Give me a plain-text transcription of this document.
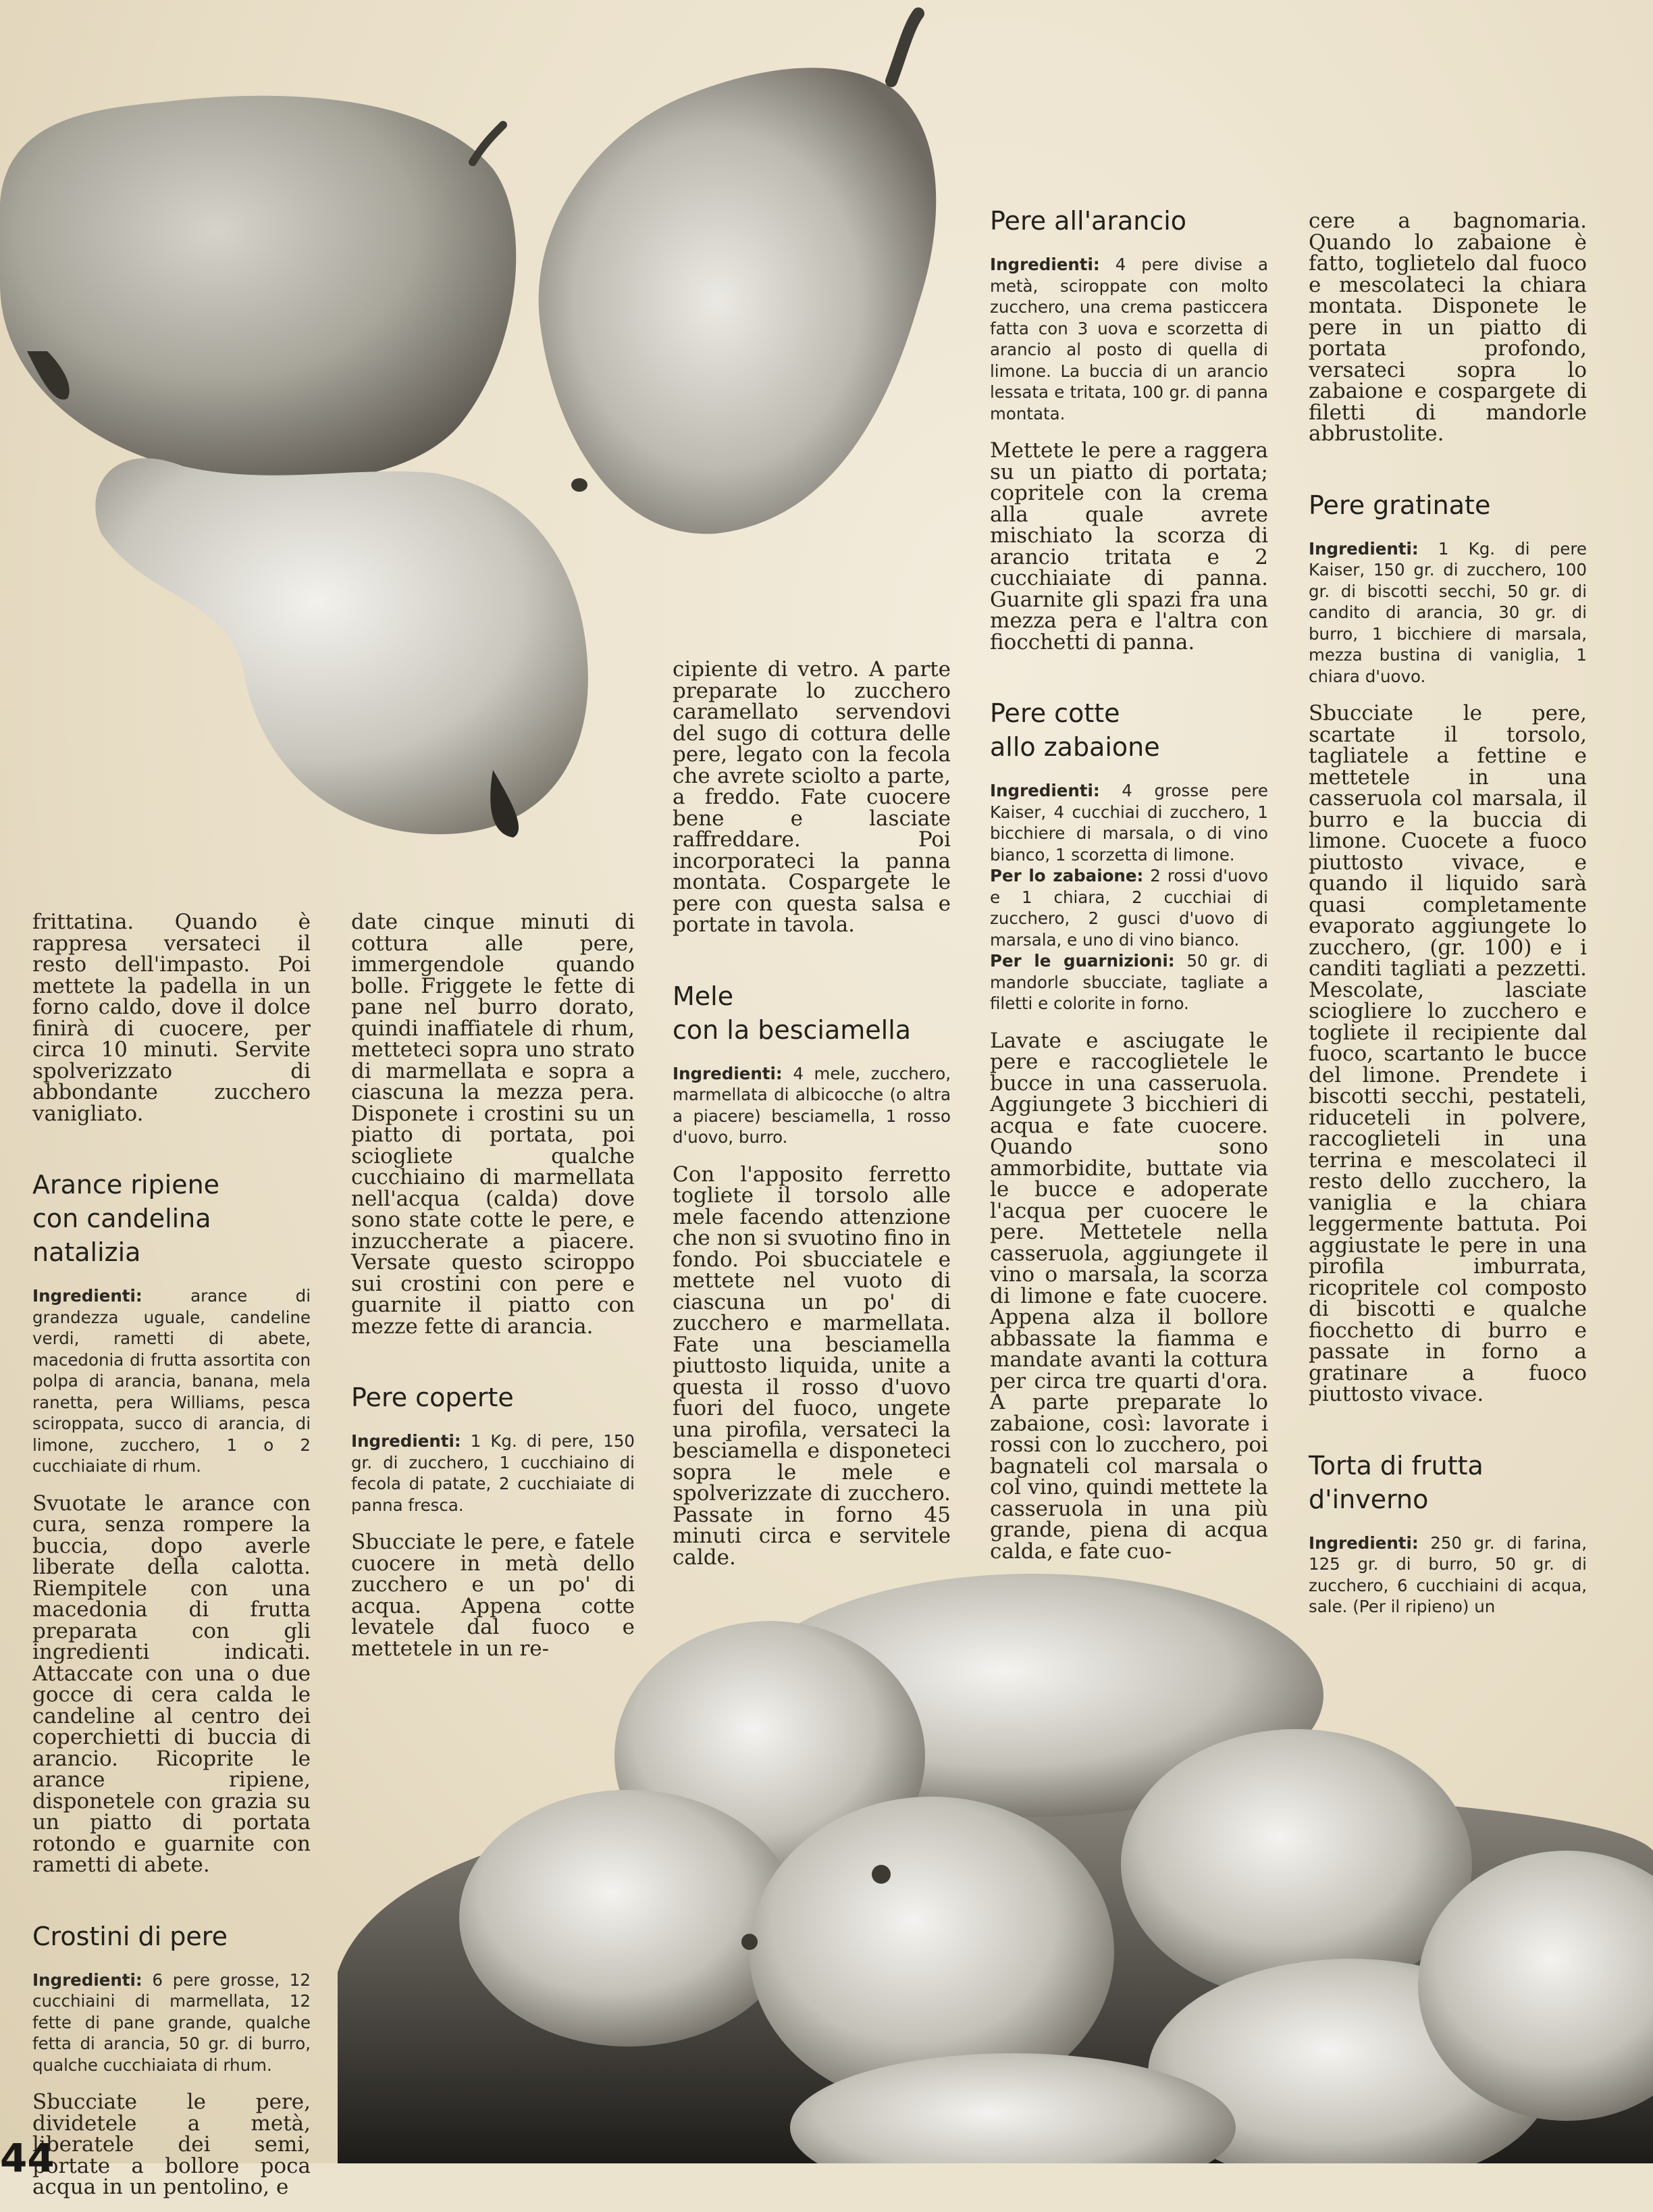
frittatina. Quando è rappresa versateci il resto dell'impasto. Poi mettete la padella in un forno caldo, dove il dolce finirà di cuocere, per circa 10 minuti. Servite spolverizzato di abbondante zucchero vanigliato.

Arance ripiene
con candelina natalizia
Ingredienti: arance di grandezza uguale, candeline verdi, rametti di abete, macedonia di frutta assortita con polpa di arancia, banana, mela ranetta, pera Williams, pesca sciroppata, succo di arancia, di limone, zucchero, 1 o 2 cucchiaiate di rhum.

Svuotate le arance con cura, senza rompere la buccia, dopo averle liberate della calotta. Riempitele con una macedonia di frutta preparata con gli ingredienti indicati. Attaccate con una o due gocce di cera calda le candeline al centro dei coperchietti di buccia di arancio. Ricoprite le arance ripiene, disponetele con grazia su un piatto di portata rotondo e guarnite con rametti di abete.

Crostini di pere
Ingredienti: 6 pere grosse, 12 cucchiaini di marmellata, 12 fette di pane grande, qualche fetta di arancia, 50 gr. di burro, qualche cucchiaiata di rhum.

Sbucciate le pere, dividetele a metà, liberatele dei semi, portate a bollore poca acqua in un pentolino, e

date cinque minuti di cottura alle pere, immergendole quando bolle. Friggete le fette di pane nel burro dorato, quindi inaffiatele di rhum, metteteci sopra uno strato di marmellata e sopra a ciascuna la mezza pera. Disponete i crostini su un piatto di portata, poi sciogliete qualche cucchiaino di marmellata nell'acqua (calda) dove sono state cotte le pere, e inzuccherate a piacere. Versate questo sciroppo sui crostini con pere e guarnite il piatto con mezze fette di arancia.

Pere coperte
Ingredienti: 1 Kg. di pere, 150 gr. di zucchero, 1 cucchiaino di fecola di patate, 2 cucchiaiate di panna fresca.

Sbucciate le pere, e fatele cuocere in metà dello zucchero e un po' di acqua. Appena cotte levatele dal fuoco e mettetele in un re-

cipiente di vetro. A parte preparate lo zucchero caramellato servendovi del sugo di cottura delle pere, legato con la fecola che avrete sciolto a parte, a freddo. Fate cuocere bene e lasciate raffreddare. Poi incorporateci la panna montata. Cospargete le pere con questa salsa e portate in tavola.

Mele
con la besciamella
Ingredienti: 4 mele, zucchero, marmellata di albicocche (o altra a piacere) besciamella, 1 rosso d'uovo, burro.

Con l'apposito ferretto togliete il torsolo alle mele facendo attenzione che non si svuotino fino in fondo. Poi sbucciatele e mettete nel vuoto di ciascuna un po' di zucchero e marmellata. Fate una besciamella piuttosto liquida, unite a questa il rosso d'uovo fuori del fuoco, ungete una pirofila, versateci la besciamella e disponeteci sopra le mele e spolverizzate di zucchero. Passate in forno 45 minuti circa e servitele calde.

Pere all'arancio
Ingredienti: 4 pere divise a metà, sciroppate con molto zucchero, una crema pasticcera fatta con 3 uova e scorzetta di arancio al posto di quella di limone. La buccia di un arancio lessata e tritata, 100 gr. di panna montata.

Mettete le pere a raggera su un piatto di portata; copritele con la crema alla quale avrete mischiato la scorza di arancio tritata e 2 cucchiaiate di panna. Guarnite gli spazi fra una mezza pera e l'altra con fiocchetti di panna.

Pere cotte
allo zabaione
Ingredienti: 4 grosse pere Kaiser, 4 cucchiai di zucchero, 1 bicchiere di marsala, o di vino bianco, 1 scorzetta di limone.
Per lo zabaione: 2 rossi d'uovo e 1 chiara, 2 cucchiai di zucchero, 2 gusci d'uovo di marsala, e uno di vino bianco.
Per le guarnizioni: 50 gr. di mandorle sbucciate, tagliate a filetti e colorite in forno.

Lavate e asciugate le pere e raccoglietele le bucce in una casseruola. Aggiungete 3 bicchieri di acqua e fate cuocere. Quando sono ammorbidite, buttate via le bucce e adoperate l'acqua per cuocere le pere. Mettetele nella casseruola, aggiungete il vino o marsala, la scorza di limone e fate cuocere. Appena alza il bollore abbassate la fiamma e mandate avanti la cottura per circa tre quarti d'ora. A parte preparate lo zabaione, così: lavorate i rossi con lo zucchero, poi bagnateli col marsala o col vino, quindi mettete la casseruola in una più grande, piena di acqua calda, e fate cuo-

cere a bagnomaria. Quando lo zabaione è fatto, toglietelo dal fuoco e mescolateci la chiara montata. Disponete le pere in un piatto di portata profondo, versateci sopra lo zabaione e cospargete di filetti di mandorle abbrustolite.

Pere gratinate
Ingredienti: 1 Kg. di pere Kaiser, 150 gr. di zucchero, 100 gr. di biscotti secchi, 50 gr. di candito di arancia, 30 gr. di burro, 1 bicchiere di marsala, mezza bustina di vaniglia, 1 chiara d'uovo.

Sbucciate le pere, scartate il torsolo, tagliatele a fettine e mettetele in una casseruola col marsala, il burro e la buccia di limone. Cuocete a fuoco piuttosto vivace, e quando il liquido sarà quasi completamente evaporato aggiungete lo zucchero, (gr. 100) e i canditi tagliati a pezzetti. Mescolate, lasciate sciogliere lo zucchero e togliete il recipiente dal fuoco, scartanto le bucce del limone. Prendete i biscotti secchi, pestateli, riduceteli in polvere, raccoglieteli in una terrina e mescolateci il resto dello zucchero, la vaniglia e la chiara leggermente battuta. Poi aggiustate le pere in una pirofila imburrata, ricopritele col composto di biscotti e qualche fiocchetto di burro e passate in forno a gratinare a fuoco piuttosto vivace.

Torta di frutta
d'inverno
Ingredienti: 250 gr. di farina, 125 gr. di burro, 50 gr. di zucchero, 6 cucchiaini di acqua, sale. (Per il ripieno) un
44
